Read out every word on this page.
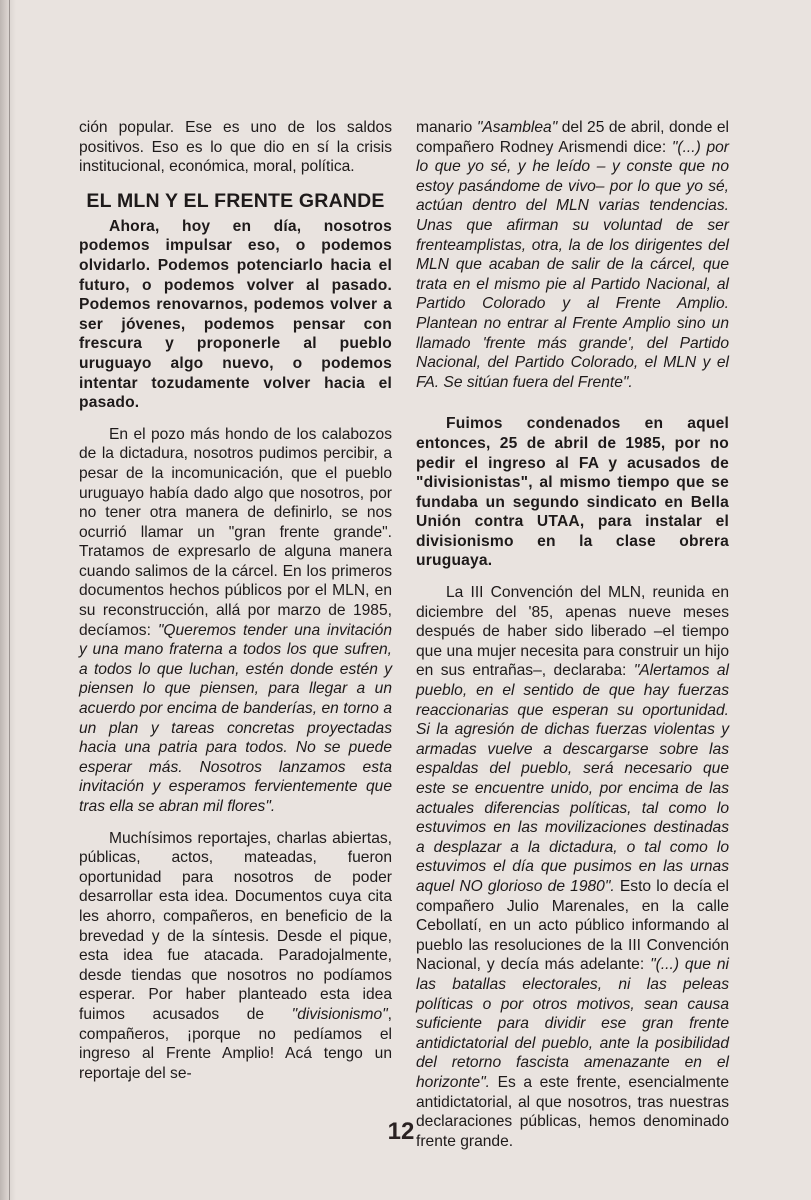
ción popular. Ese es uno de los saldos positivos. Eso es lo que dio en sí la crisis institucional, económica, moral, política.

EL MLN Y EL FRENTE GRANDE

Ahora, hoy en día, nosotros podemos impulsar eso, o podemos olvidarlo. Podemos potenciarlo hacia el futuro, o podemos volver al pasado. Podemos renovarnos, podemos volver a ser jóvenes, podemos pensar con frescura y proponerle al pueblo uruguayo algo nuevo, o podemos intentar tozudamente volver hacia el pasado.

En el pozo más hondo de los calabozos de la dictadura, nosotros pudimos percibir, a pesar de la incomunicación, que el pueblo uruguayo había dado algo que nosotros, por no tener otra manera de definirlo, se nos ocurrió llamar un "gran frente grande". Tratamos de expresarlo de alguna manera cuando salimos de la cárcel. En los primeros documentos hechos públicos por el MLN, en su reconstrucción, allá por marzo de 1985, decíamos: "Queremos tender una invitación y una mano fraterna a todos los que sufren, a todos lo que luchan, estén donde estén y piensen lo que piensen, para llegar a un acuerdo por encima de banderías, en torno a un plan y tareas concretas proyectadas hacia una patria para todos. No se puede esperar más. Nosotros lanzamos esta invitación y esperamos fervientemente que tras ella se abran mil flores".

Muchísimos reportajes, charlas abiertas, públicas, actos, mateadas, fueron oportunidad para nosotros de poder desarrollar esta idea. Documentos cuya cita les ahorro, compañeros, en beneficio de la brevedad y de la síntesis. Desde el pique, esta idea fue atacada. Paradojalmente, desde tiendas que nosotros no podíamos esperar. Por haber planteado esta idea fuimos acusados de "divisionismo", compañeros, ¡porque no pedíamos el ingreso al Frente Amplio! Acá tengo un reportaje del se-

manario "Asamblea" del 25 de abril, donde el compañero Rodney Arismendi dice: "(...) por lo que yo sé, y he leído – y conste que no estoy pasándome de vivo– por lo que yo sé, actúan dentro del MLN varias tendencias. Unas que afirman su voluntad de ser frenteamplistas, otra, la de los dirigentes del MLN que acaban de salir de la cárcel, que trata en el mismo pie al Partido Nacional, al Partido Colorado y al Frente Amplio. Plantean no entrar al Frente Amplio sino un llamado 'frente más grande', del Partido Nacional, del Partido Colorado, el MLN y el FA. Se sitúan fuera del Frente".

Fuimos condenados en aquel entonces, 25 de abril de 1985, por no pedir el ingreso al FA y acusados de "divisionistas", al mismo tiempo que se fundaba un segundo sindicato en Bella Unión contra UTAA, para instalar el divisionismo en la clase obrera uruguaya.

La III Convención del MLN, reunida en diciembre del '85, apenas nueve meses después de haber sido liberado –el tiempo que una mujer necesita para construir un hijo en sus entrañas–, declaraba: "Alertamos al pueblo, en el sentido de que hay fuerzas reaccionarias que esperan su oportunidad. Si la agresión de dichas fuerzas violentas y armadas vuelve a descargarse sobre las espaldas del pueblo, será necesario que este se encuentre unido, por encima de las actuales diferencias políticas, tal como lo estuvimos en las movilizaciones destinadas a desplazar a la dictadura, o tal como lo estuvimos el día que pusimos en las urnas aquel NO glorioso de 1980". Esto lo decía el compañero Julio Marenales, en la calle Cebollatí, en un acto público informando al pueblo las resoluciones de la III Convención Nacional, y decía más adelante: "(...) que ni las batallas electorales, ni las peleas políticas o por otros motivos, sean causa suficiente para dividir ese gran frente antidictatorial del pueblo, ante la posibilidad del retorno fascista amenazante en el horizonte". Es a este frente, esencialmente antidictatorial, al que nosotros, tras nuestras declaraciones públicas, hemos denominado frente grande.

12
